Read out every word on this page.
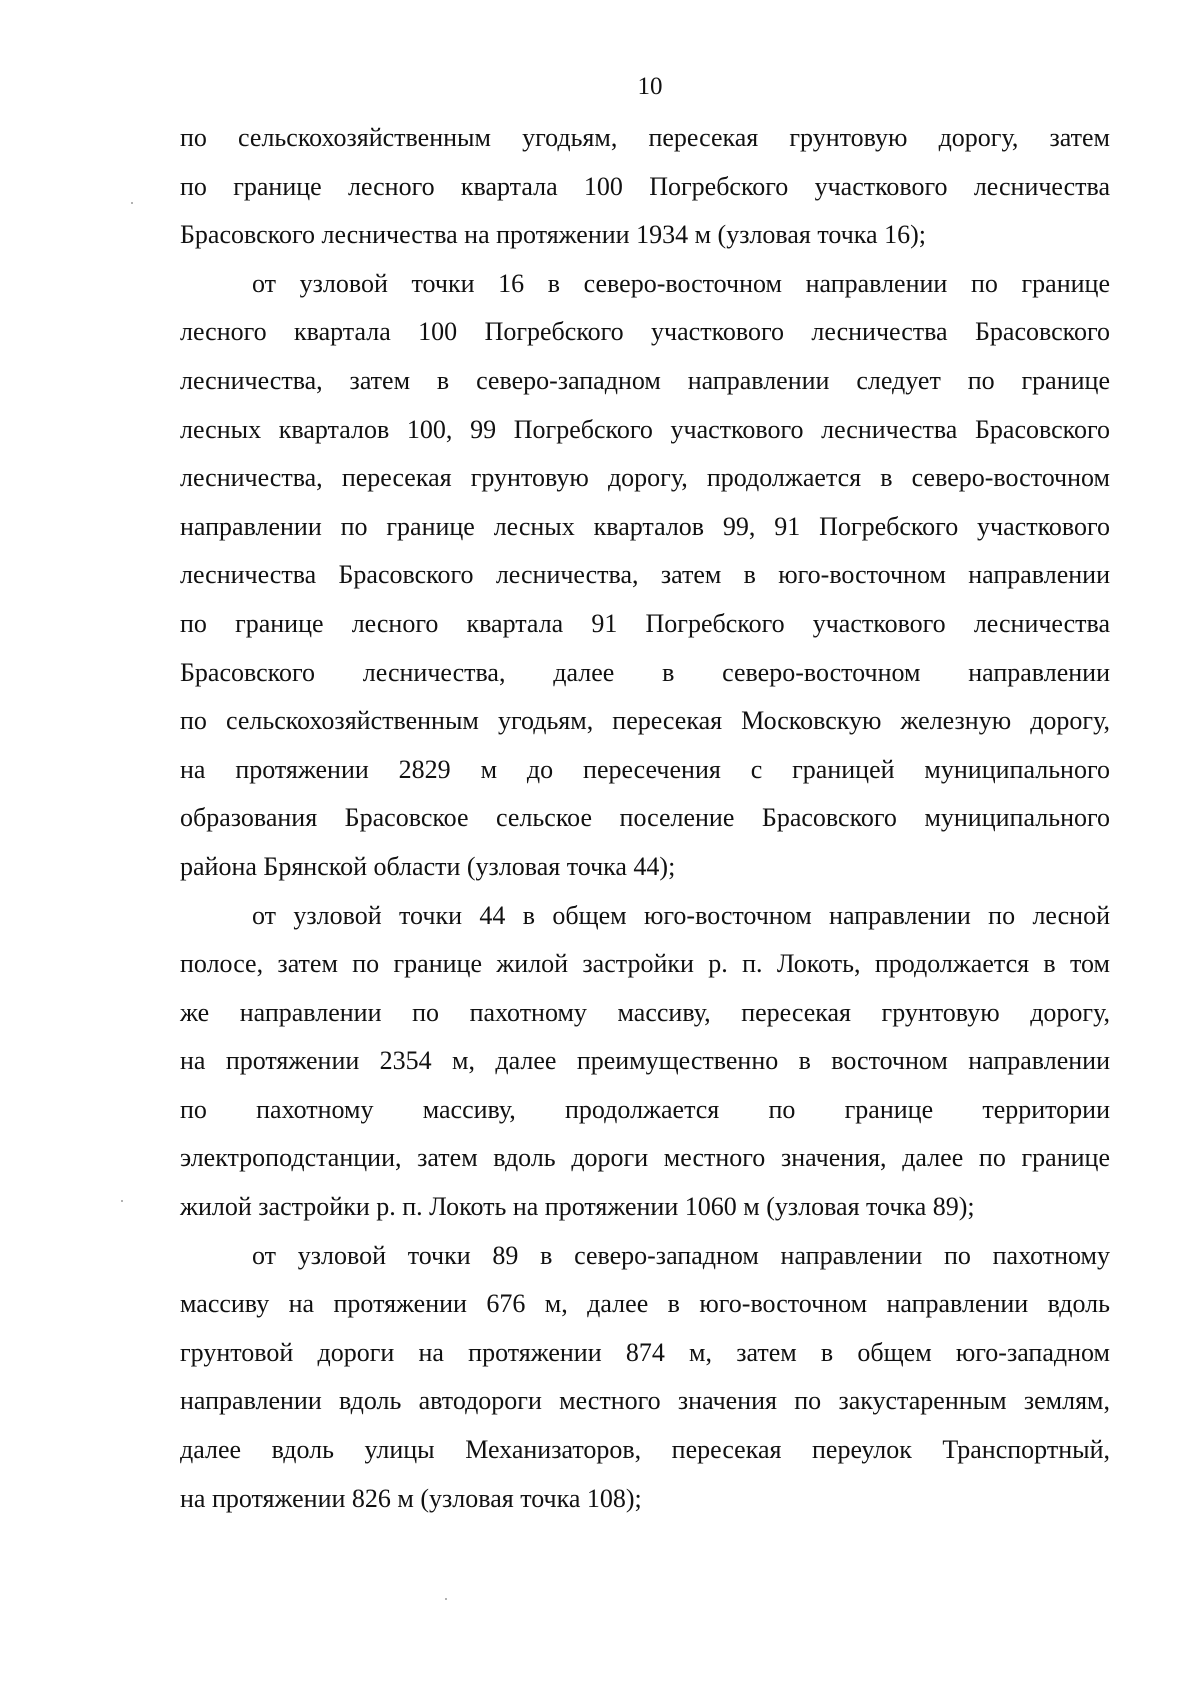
10
по сельскохозяйственным угодьям, пересекая грунтовую дорогу, затем
по границе лесного квартала 100 Погребского участкового лесничества
Брасовского лесничества на протяжении 1934 м (узловая точка 16);
от узловой точки 16 в северо-восточном направлении по границе
лесного квартала 100 Погребского участкового лесничества Брасовского
лесничества, затем в северо-западном направлении следует по границе
лесных кварталов 100, 99 Погребского участкового лесничества Брасовского
лесничества, пересекая грунтовую дорогу, продолжается в северо-восточном
направлении по границе лесных кварталов 99, 91 Погребского участкового
лесничества Брасовского лесничества, затем в юго-восточном направлении
по границе лесного квартала 91 Погребского участкового лесничества
Брасовского лесничества, далее в северо-восточном направлении
по сельскохозяйственным угодьям, пересекая Московскую железную дорогу,
на протяжении 2829 м до пересечения с границей муниципального
образования Брасовское сельское поселение Брасовского муниципального
района Брянской области (узловая точка 44);
от узловой точки 44 в общем юго-восточном направлении по лесной
полосе, затем по границе жилой застройки р. п. Локоть, продолжается в том
же направлении по пахотному массиву, пересекая грунтовую дорогу,
на протяжении 2354 м, далее преимущественно в восточном направлении
по пахотному массиву, продолжается по границе территории
электроподстанции, затем вдоль дороги местного значения, далее по границе
жилой застройки р. п. Локоть на протяжении 1060 м (узловая точка 89);
от узловой точки 89 в северо-западном направлении по пахотному
массиву на протяжении 676 м, далее в юго-восточном направлении вдоль
грунтовой дороги на протяжении 874 м, затем в общем юго-западном
направлении вдоль автодороги местного значения по закустаренным землям,
далее вдоль улицы Механизаторов, пересекая переулок Транспортный,
на протяжении 826 м (узловая точка 108);
